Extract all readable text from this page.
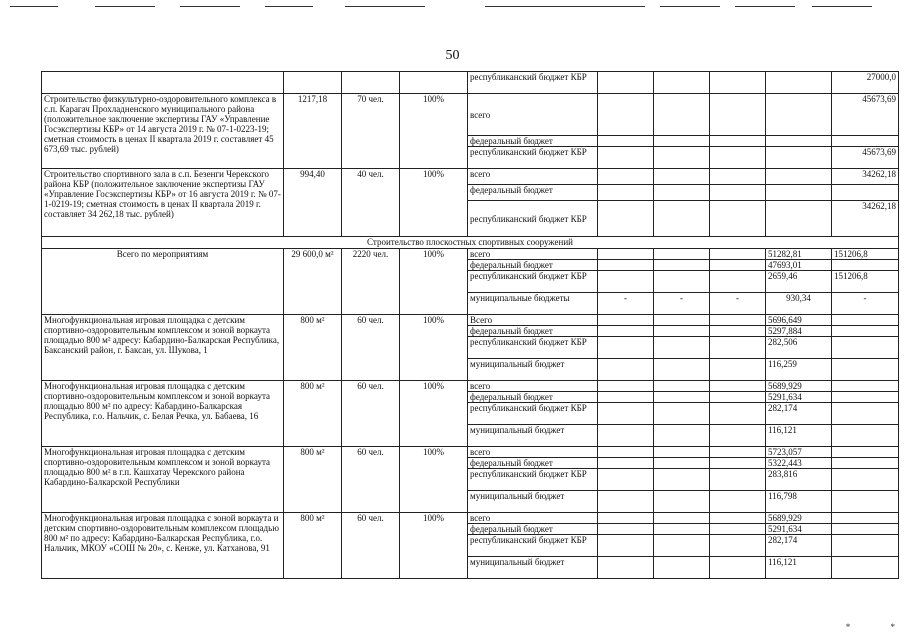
50
				республиканский бюджет КБР					27000,0
Строительство физкультурно-оздоровительного комплекса в с.п. Карагач Прохладненского муниципального района (положительное заключение экспертизы ГАУ «Управление Госэкспертизы КБР» от 14 августа 2019 г. № 07-1-0223-19; сметная стоимость в ценах II квартала 2019 г. составляет 45 673,69 тыс. рублей)	1217,18	70 чел.	100%	всего					45673,69
				федеральный бюджет					
				республиканский бюджет КБР					45673,69
Строительство спортивного зала в с.п. Безенги Черекского района КБР (положительное заключение экспертизы ГАУ «Управление Госэкспертизы КБР» от 16 августа 2019 г. № 07-1-0219-19; сметная стоимость в ценах II квартала 2019 г. составляет 34 262,18 тыс. рублей)	994,40	40 чел.	100%	всего					34262,18
				федеральный бюджет					
				республиканский бюджет КБР					34262,18
Строительство плоскостных спортивных сооружений									
Всего по мероприятиям	29 600,0 м²	2220 чел.	100%	всего				51282,81	151206,8
				федеральный бюджет				47693,01	
				республиканский бюджет КБР				2659,46	151206,8
				муниципальные бюджеты	-	-	-	930,34	-
Многофункциональная игровая площадка с детским спортивно-оздоровительным комплексом и зоной воркаута площадью 800 м² адресу: Кабардино-Балкарская Республика, Баксанский район, г. Баксан, ул. Шукова, 1	800 м²	60 чел.	100%	Всего				5696,649	
				федеральный бюджет				5297,884	
				республиканский бюджет КБР				282,506	
				муниципальный бюджет				116,259	
Многофункциональная игровая площадка с детским спортивно-оздоровительным комплексом и зоной воркаута площадью 800 м² по адресу: Кабардино-Балкарская Республика, г.о. Нальчик, с. Белая Речка, ул. Бабаева, 16	800 м²	60 чел.	100%	всего				5689,929	
				федеральный бюджет				5291,634	
				республиканский бюджет КБР				282,174	
				муниципальный бюджет				116,121	
Многофункциональная игровая площадка с детским спортивно-оздоровительным комплексом и зоной воркаута площадью 800 м² в г.п. Кашхатау Черекского района Кабардино-Балкарской Республики	800 м²	60 чел.	100%	всего				5723,057	
				федеральный бюджет				5322,443	
				республиканский бюджет КБР				283,816	
				муниципальный бюджет				116,798	
Многофункциональная игровая площадка с зоной воркаута и детским спортивно-оздоровительным комплексом площадью 800 м² по адресу: Кабардино-Балкарская Республика, г.о. Нальчик, МКОУ «СОШ № 20», с. Кенже, ул. Катханова, 91	800 м²	60 чел.	100%	всего				5689,929	
				федеральный бюджет				5291,634	
				республиканский бюджет КБР				282,174	
				муниципальный бюджет				116,121	
*	*
